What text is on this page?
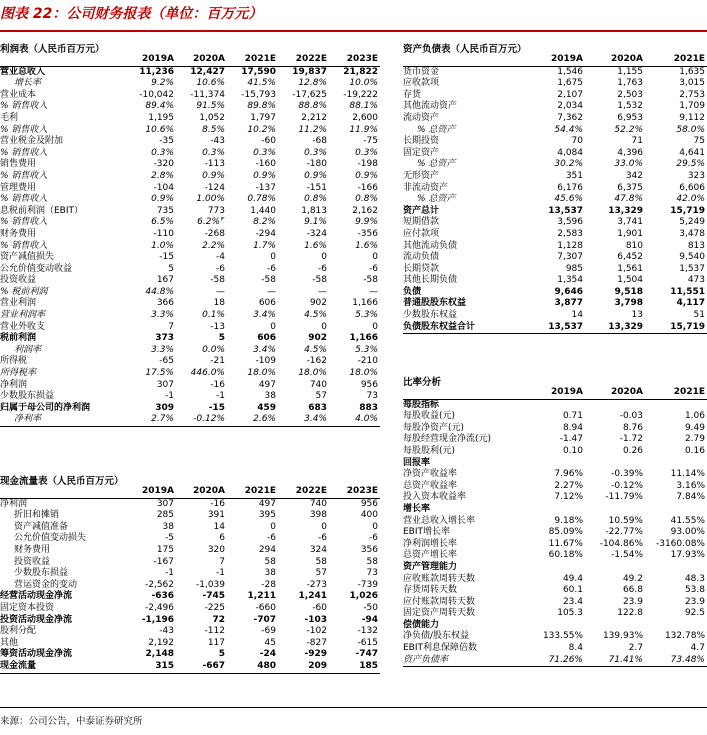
图表 22：公司财务报表（单位：百万元）
利润表（人民币百万元）
	2019A	2020A	2021E	2022E	2023E
营业总收入	11,236	12,427	17,590	19,837	21,822
增长率	9.2%	10.6%	41.5%	12.8%	10.0%
营业成本	-10,042	-11,374	-15,793	-17,625	-19,222
% 销售收入	89.4%	91.5%	89.8%	88.8%	88.1%
毛利	1,195	1,052	1,797	2,212	2,600
% 销售收入	10.6%	8.5%	10.2%	11.2%	11.9%
营业税金及附加	-35	-43	-60	-68	-75
% 销售收入	0.3%	0.3%	0.3%	0.3%	0.3%
销售费用	-320	-113	-160	-180	-198
% 销售收入	2.8%	0.9%	0.9%	0.9%	0.9%
管理费用	-104	-124	-137	-151	-166
% 销售收入	0.9%	1.00%	0.78%	0.8%	0.8%
息税前利润（EBIT）	735	773	1,440	1,813	2,162
% 销售收入	6.5%	6.2%	8.2%	9.1%	9.9%
财务费用	-110	-268	-294	-324	-356
% 销售收入	1.0%	2.2%	1.7%	1.6%	1.6%
资产减值损失	-15	-4	0	0	0
公允价值变动收益	5	-6	-6	-6	-6
投资收益	167	-58	-58	-58	-58
% 税前利润	44.8%	—	—	—	—
营业利润	366	18	606	902	1,166
营业利润率	3.3%	0.1%	3.4%	4.5%	5.3%
营业外收支	7	-13	0	0	0
税前利润	373	5	606	902	1,166
利润率	3.3%	0.0%	3.4%	4.5%	5.3%
所得税	-65	-21	-109	-162	-210
所得税率	17.5%	446.0%	18.0%	18.0%	18.0%
净利润	307	-16	497	740	956
少数股东损益	-1	-1	38	57	73
归属于母公司的净利润	309	-15	459	683	883
净利率	2.7%	-0.12%	2.6%	3.4%	4.0%
现金流量表（人民币百万元）
	2019A	2020A	2021E	2022E	2023E
净利润	307	-16	497	740	956
折旧和摊销	285	391	395	398	400
资产减值准备	38	14	0	0	0
公允价值变动损失	-5	6	-6	-6	-6
财务费用	175	320	294	324	356
投资收益	-167	7	58	58	58
少数股东损益	-1	-1	38	57	73
营运资金的变动	-2,562	-1,039	-28	-273	-739
经营活动现金净流	-636	-745	1,211	1,241	1,026
固定资本投资	-2,496	-225	-660	-60	-50
投资活动现金净流	-1,196	72	-707	-103	-94
股利分配	-43	-112	-69	-102	-132
其他	2,192	117	45	-827	-615
筹资活动现金净流	2,148	5	-24	-929	-747
现金流量	315	-667	480	209	185
资产负债表（人民币百万元）
	2019A	2020A	2021E
货币资金	1,546	1,155	1,635
应收款项	1,675	1,763	3,015
存货	2,107	2,503	2,753
其他流动资产	2,034	1,532	1,709
流动资产	7,362	6,953	9,112
% 总资产	54.4%	52.2%	58.0%
长期投资	70	71	75
固定资产	4,084	4,396	4,641
% 总资产	30.2%	33.0%	29.5%
无形资产	351	342	323
非流动资产	6,176	6,375	6,606
% 总资产	45.6%	47.8%	42.0%
资产总计	13,537	13,329	15,719
短期借款	3,596	3,741	5,249
应付款项	2,583	1,901	3,478
其他流动负债	1,128	810	813
流动负债	7,307	6,452	9,540
长期贷款	985	1,561	1,537
其他长期负债	1,354	1,504	473
负债	9,646	9,518	11,551
普通股股东权益	3,877	3,798	4,117
少数股东权益	14	13	51
负债股东权益合计	13,537	13,329	15,719
比率分析
	2019A	2020A	2021E
每股指标			
每股收益(元)	0.71	-0.03	1.06
每股净资产(元)	8.94	8.76	9.49
每股经营现金净流(元)	-1.47	-1.72	2.79
每股股利(元)	0.10	0.26	0.16
回报率			
净资产收益率	7.96%	-0.39%	11.14%
总资产收益率	2.27%	-0.12%	3.16%
投入资本收益率	7.12%	-11.79%	7.84%
增长率			
营业总收入增长率	9.18%	10.59%	41.55%
EBIT增长率	85.09%	-22.77%	93.00%
净利润增长率	11.67%	-104.86%	-3160.08%
总资产增长率	60.18%	-1.54%	17.93%
资产管理能力			
应收账款周转天数	49.4	49.2	48.3
存货周转天数	60.1	66.8	53.8
应付账款周转天数	23.4	23.9	23.9
固定资产周转天数	105.3	122.8	92.5
偿债能力			
净负债/股东权益	133.55%	139.93%	132.78%
EBIT利息保障倍数	8.4	2.7	4.7
资产负债率	71.26%	71.41%	73.48%
来源：公司公告，中泰证券研究所
